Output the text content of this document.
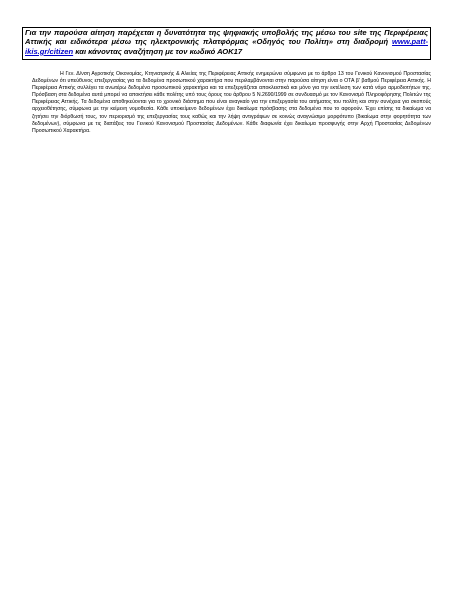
Για την παρούσα αίτηση παρέχεται η δυνατότητα της ψηφιακής υποβολής της μέσω του site της Περιφέρειας Αττικής και ειδικότερα μέσω της ηλεκτρονικής πλατφόρμας «Οδηγός του Πολίτη» στη διαδρομή www.pattikis.gr/citizen και κάνοντας αναζήτηση με τον κωδικό ΑΟΚ17

Η Γεν. Δ/νση Αγροτικής Οικονομίας, Κτηνιατρικής & Αλιείας της Περιφέρειας Αττικής ενημερώνει σύμφωνα με το άρθρο 13 του Γενικού Κανονισμού Προστασίας Δεδομένων ότι υπεύθυνος επεξεργασίας για τα δεδομένα προσωπικού χαρακτήρα που περιλαμβάνονται στην παρούσα αίτηση είναι ο ΟΤΑ β' βαθμού Περιφέρεια Αττικής. Η Περιφέρεια Αττικής συλλέγει τα ανωτέρω δεδομένα προσωπικού χαρακτήρα και τα επεξεργάζεται αποκλειστικά και μόνο για την εκτέλεση των κατά νόμο αρμοδιοτήτων της. Πρόσβαση στα δεδομένα αυτά μπορεί να αποκτήσει κάθε πολίτης υπό τους όρους του άρθρου 5 Ν.2690/1999 σε συνδυασμό με τον Κανονισμό Πληροφόρησης Πολιτών της Περιφέρειας Αττικής. Τα δεδομένα αποθηκεύονται για το χρονικό διάστημα που είναι αναγκαίο για την επεξεργασία του αιτήματος του πολίτη και στην συνέχεια για σκοπούς αρχειοθέτησης, σύμφωνα με την κείμενη νομοθεσία. Κάθε υποκείμενο δεδομένων έχει δικαίωμα πρόσβασης στα δεδομένα που το αφορούν. Έχει επίσης τα δικαίωμα να ζητήσει την διόρθωσή τους, τον περιορισμό της επεξεργασίας τους καθώς και την λήψη αντιγράφων σε κοινώς αναγνώσιμο μορφότυπο (δικαίωμα στην φορητότητα των δεδομένων), σύμφωνα με τις διατάξεις του Γενικού Κανονισμού Προστασίας Δεδομένων. Κάθε διαφωνία έχει δικαίωμα προσφυγής στην Αρχή Προστασίας Δεδομένων Προσωπικού Χαρακτήρα.
